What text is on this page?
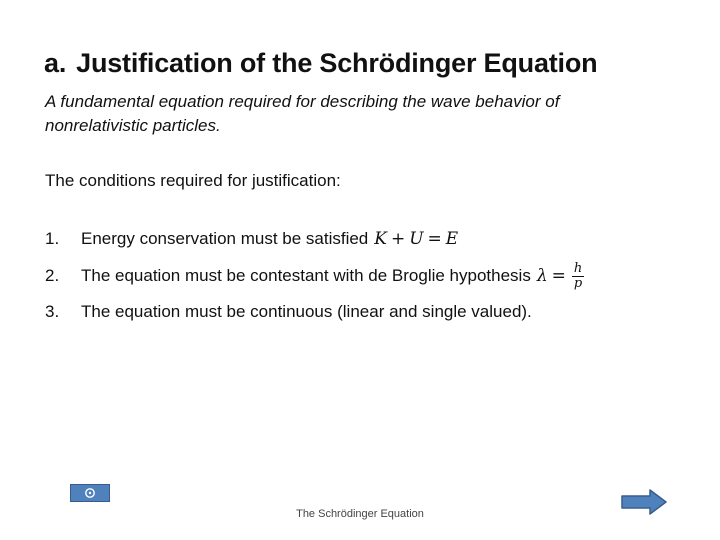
a. Justification of the Schrödinger Equation

A fundamental equation required for describing the wave behavior of nonrelativistic particles.

The conditions required for justification:

1.	Energy conservation must be satisfied K + U = E
2.	The equation must be contestant with de Broglie hypothesis $\lambda = \frac{h}{p}$
3.	The equation must be continuous (linear and single valued).
The Schrödinger Equation
